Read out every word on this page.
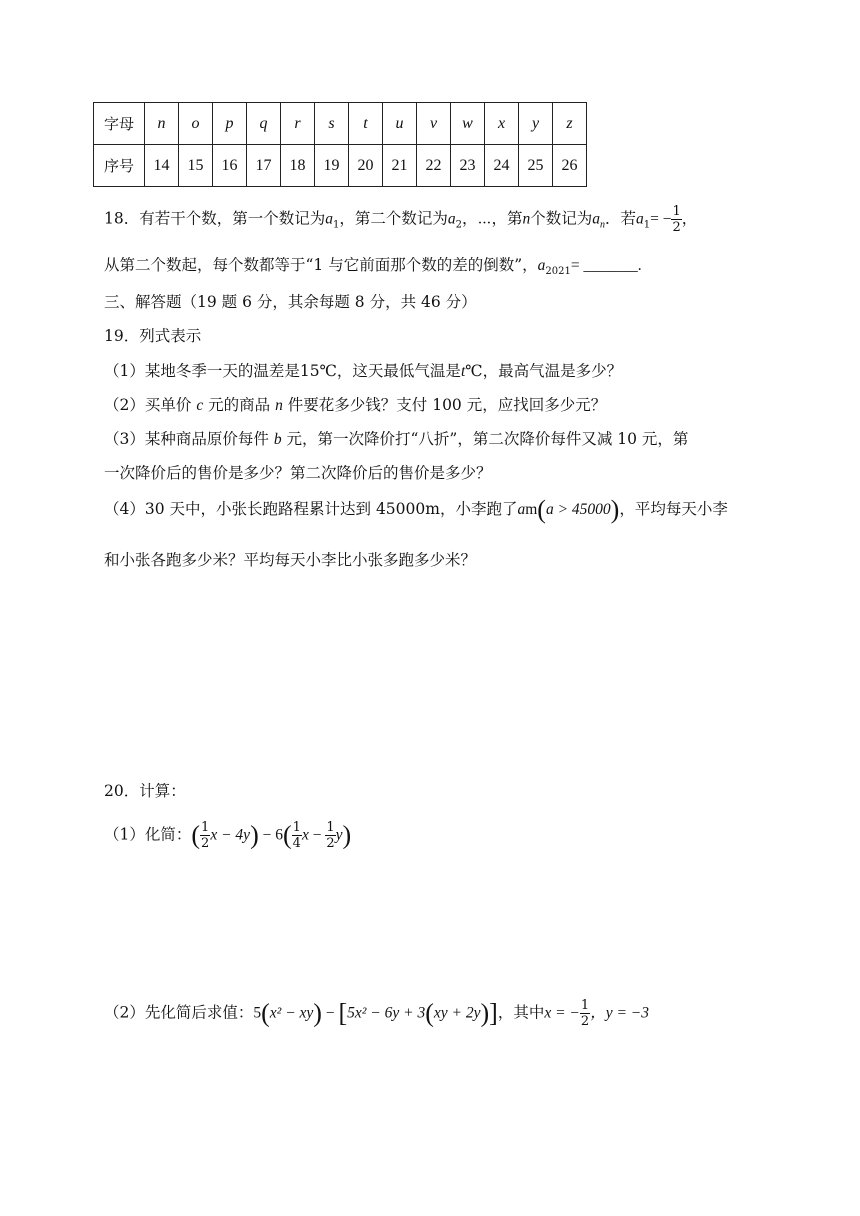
字母	n	o	p	q	r	s	t	u	v	w	x	y	z
序号	14	15	16	17	18	19	20	21	22	23	24	25	26
18．有若干个数，第一个数记为$a_1$，第二个数记为$a_2$，⋯，第n个数记为$a_n$．若$a_1= - \frac{1}{2}$ ，
从第二个数起，每个数都等于“1 与它前面那个数的差的倒数”，$a_{2021}=$ _______.
三、解答题（19 题 6 分，其余每题 8 分，共 46 分）
19．列式表示
（1）某地冬季一天的温差是15℃，这天最低气温是t℃，最高气温是多少？
（2）买单价 c 元的商品 n 件要花多少钱？支付 100 元，应找回多少元？
（3）某种商品原价每件 b 元，第一次降价打“八折”，第二次降价每件又减 10 元，第
一次降价后的售价是多少？第二次降价后的售价是多少？
（4）30 天中，小张长跑路程累计达到 45000m，小李跑了am(a > 45000)，平均每天小李
和小张各跑多少米？平均每天小李比小张多跑多少米？
20．计算：
（1）化简：( $\frac{1}{2}$ $x - 4y) - 6( \frac{1}{4}$ $x - \frac{1}{2} y$)
（2）先化简后求值：5(x² − xy) − [5x² − 6y + 3(xy + 2y)]，其中x = − $\frac{1}{2}$ ，y = −3
